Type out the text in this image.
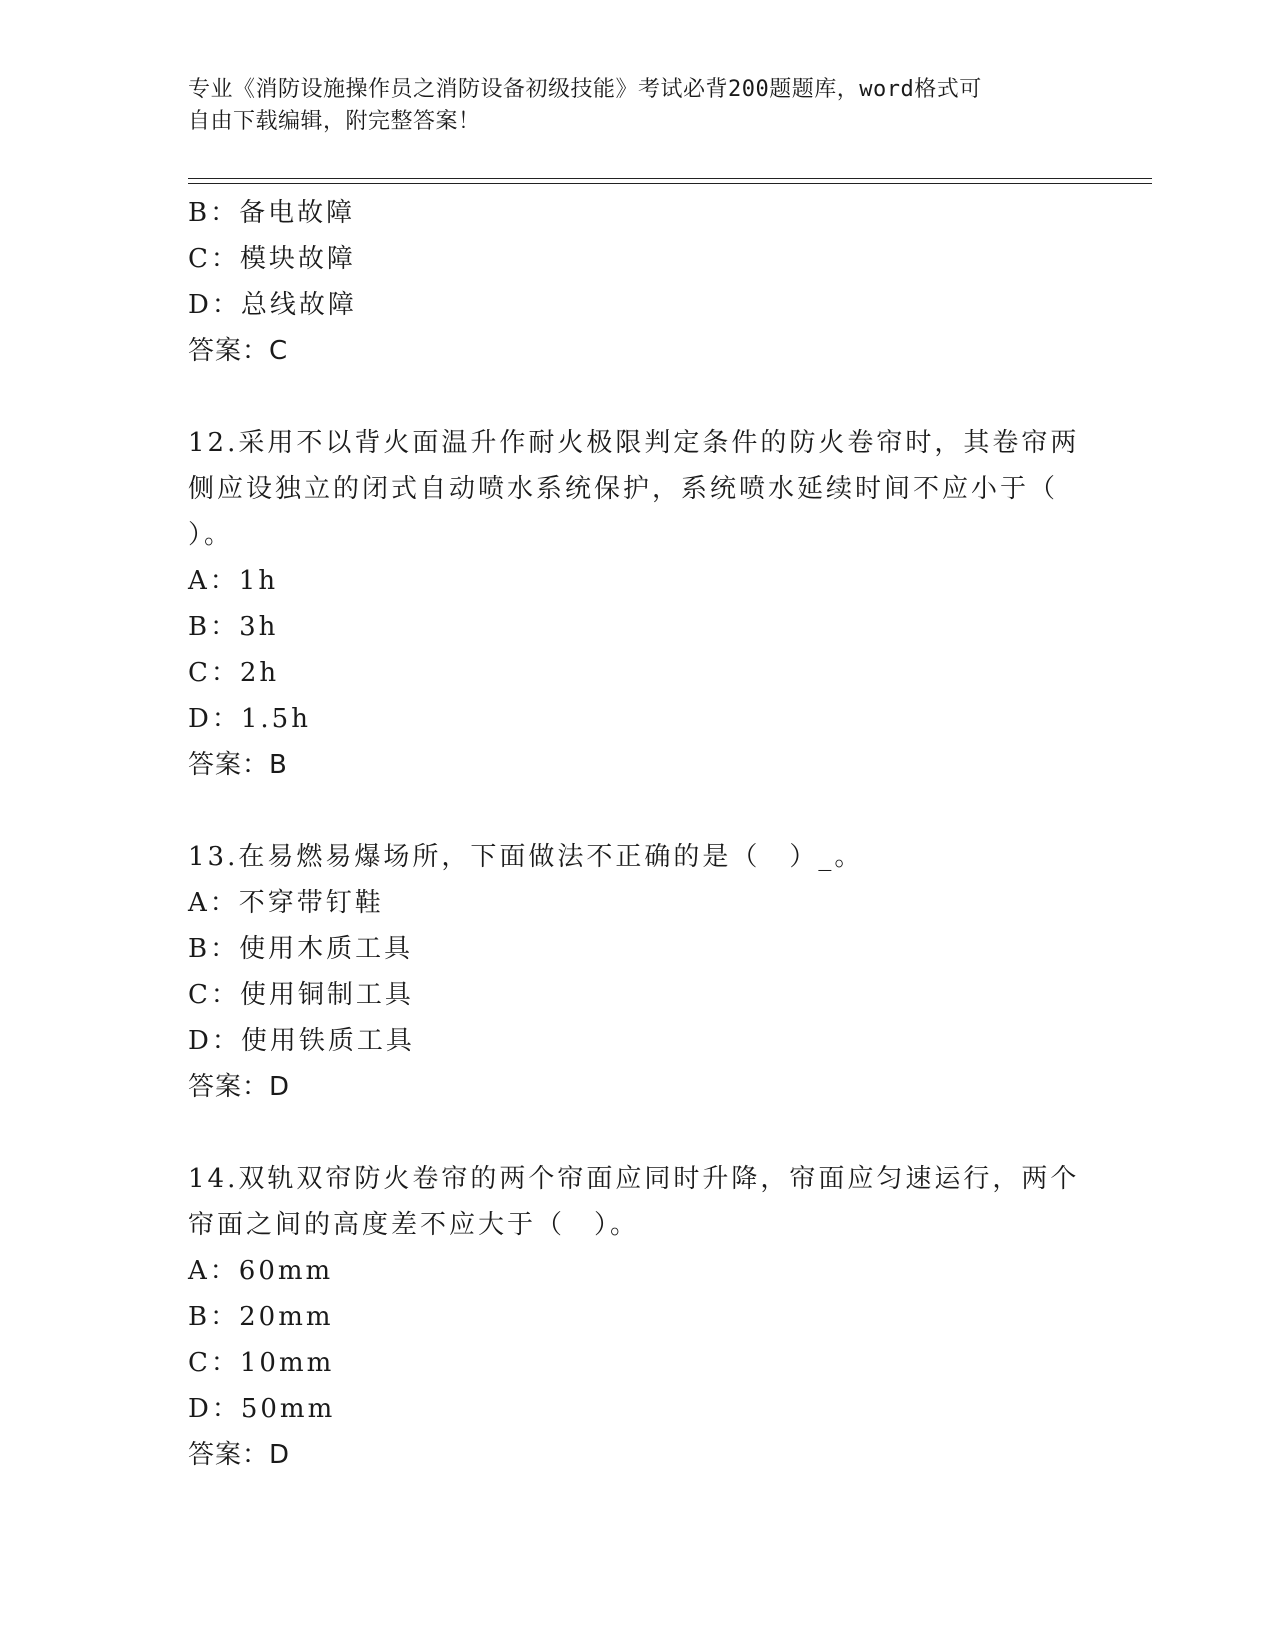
专业《消防设施操作员之消防设备初级技能》考试必背200题题库，word格式可
自由下载编辑，附完整答案！
B：备电故障
C：模块故障
D：总线故障
答案：C
12.采用不以背火面温升作耐火极限判定条件的防火卷帘时，其卷帘两
侧应设独立的闭式自动喷水系统保护，系统喷水延续时间不应小于（
）。
A：1h
B：3h
C：2h
D：1.5h
答案：B
13.在易燃易爆场所，下面做法不正确的是（　）_。
A：不穿带钉鞋
B：使用木质工具
C：使用铜制工具
D：使用铁质工具
答案：D
14.双轨双帘防火卷帘的两个帘面应同时升降，帘面应匀速运行，两个
帘面之间的高度差不应大于（　）。
A：60mm
B：20mm
C：10mm
D：50mm
答案：D
